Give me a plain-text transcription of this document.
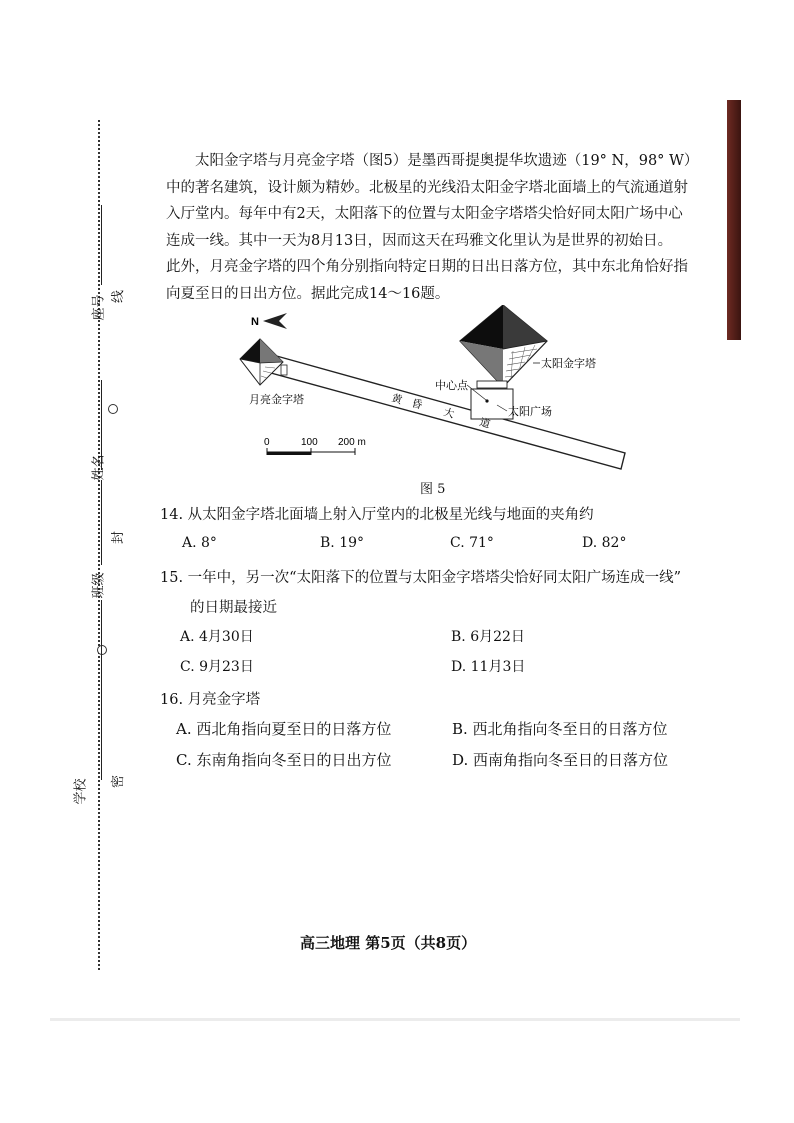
座号 线
姓名
封
班级
密
学校

太阳金字塔与月亮金字塔（图5）是墨西哥提奥提华坎遗迹（19° N，98° W）

中的著名建筑，设计颇为精妙。北极星的光线沿太阳金字塔北面墙上的气流通道射
入厅堂内。每年中有2天，太阳落下的位置与太阳金字塔塔尖恰好同太阳广场中心
连成一线。其中一天为8月13日，因而这天在玛雅文化里认为是世界的初始日。
此外，月亮金字塔的四个角分别指向特定日期的日出日落方位，其中东北角恰好指
向夏至日的日出方位。据此完成14～16题。
N
月亮金字塔
太阳金字塔
中心点
太阳广场
黄 昏
大
道
0	100 200 m
图 5
14. 从太阳金字塔北面墙上射入厅堂内的北极星光线与地面的夹角约
A. 8°	B. 19°	C. 71°	D. 82°
15. 一年中，另一次“太阳落下的位置与太阳金字塔塔尖恰好同太阳广场连成一线”
的日期最接近
A. 4月30日	B. 6月22日
C. 9月23日	D. 11月3日
16. 月亮金字塔
A. 西北角指向夏至日的日落方位	B. 西北角指向冬至日的日落方位
C. 东南角指向冬至日的日出方位	D. 西南角指向冬至日的日落方位
高三地理 第5页（共8页）
